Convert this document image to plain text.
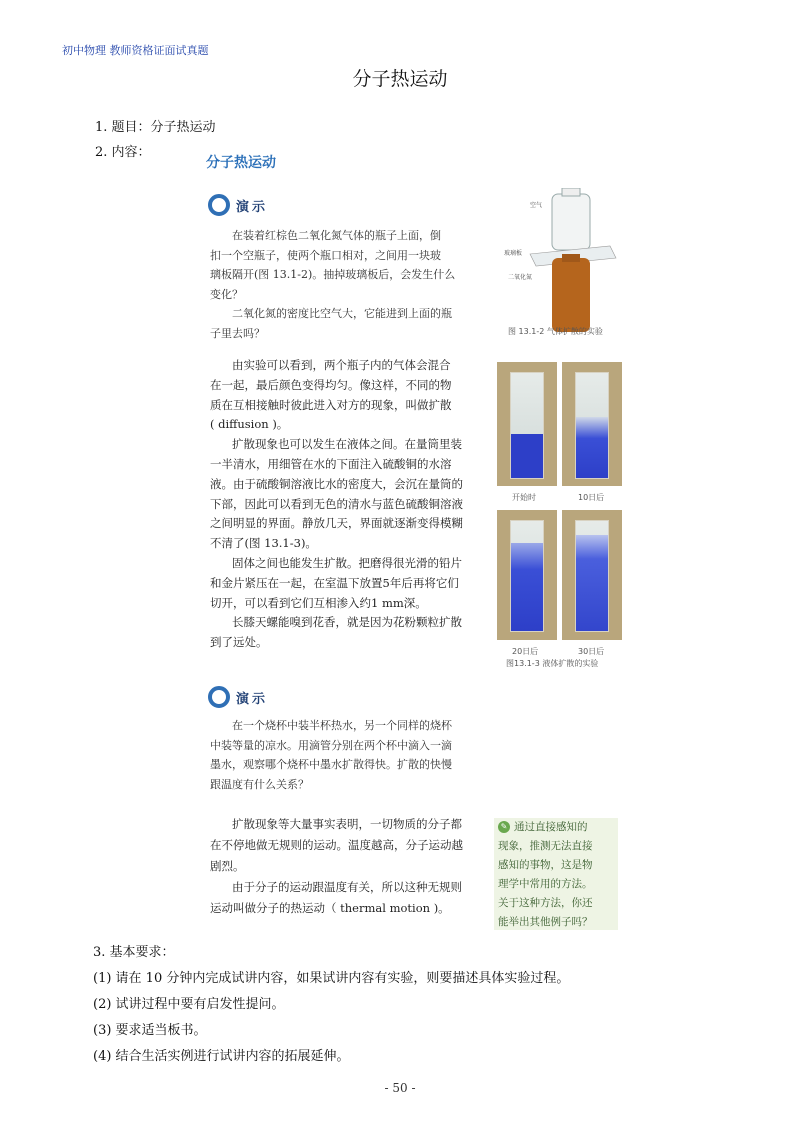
初中物理 教师资格证面试真题
分子热运动
1. 题目：分子热运动
2. 内容：
分子热运动
演示
在装着红棕色二氧化氮气体的瓶子上面，倒
扣一个空瓶子，使两个瓶口相对，之间用一块玻
璃板隔开(图 13.1-2)。抽掉玻璃板后，会发生什么
变化？
二氧化氮的密度比空气大，它能进到上面的瓶
子里去吗？
空气
玻璃板
二氧化氮
图 13.1-2 气体扩散的实验
由实验可以看到，两个瓶子内的气体会混合
在一起，最后颜色变得均匀。像这样，不同的物
质在互相接触时彼此进入对方的现象，叫做扩散
( diffusion )。
扩散现象也可以发生在液体之间。在量筒里装
一半清水，用细管在水的下面注入硫酸铜的水溶
液。由于硫酸铜溶液比水的密度大，会沉在量筒的
下部，因此可以看到无色的清水与蓝色硫酸铜溶液
之间明显的界面。静放几天，界面就逐渐变得模糊
不清了(图 13.1-3)。
固体之间也能发生扩散。把磨得很光滑的铅片
和金片紧压在一起，在室温下放置5年后再将它们
切开，可以看到它们互相渗入约1 mm深。
长膝天螺能嗅到花香，就是因为花粉颗粒扩散
到了远处。
开始时	10日后
20日后	30日后
图13.1-3 液体扩散的实验
演示
在一个烧杯中装半杯热水，另一个同样的烧杯
中装等量的凉水。用滴管分别在两个杯中滴入一滴
墨水，观察哪个烧杯中墨水扩散得快。扩散的快慢
跟温度有什么关系？
扩散现象等大量事实表明，一切物质的分子都
在不停地做无规则的运动。温度越高，分子运动越
剧烈。
由于分子的运动跟温度有关，所以这种无规则
运动叫做分子的热运动（ thermal motion )。
✎ 通过直接感知的
现象，推测无法直接
感知的事物，这是物
理学中常用的方法。
关于这种方法，你还
能举出其他例子吗？
3. 基本要求：
(1) 请在 10 分钟内完成试讲内容，如果试讲内容有实验，则要描述具体实验过程。
(2) 试讲过程中要有启发性提问。
(3) 要求适当板书。
(4) 结合生活实例进行试讲内容的拓展延伸。
- 50 -
